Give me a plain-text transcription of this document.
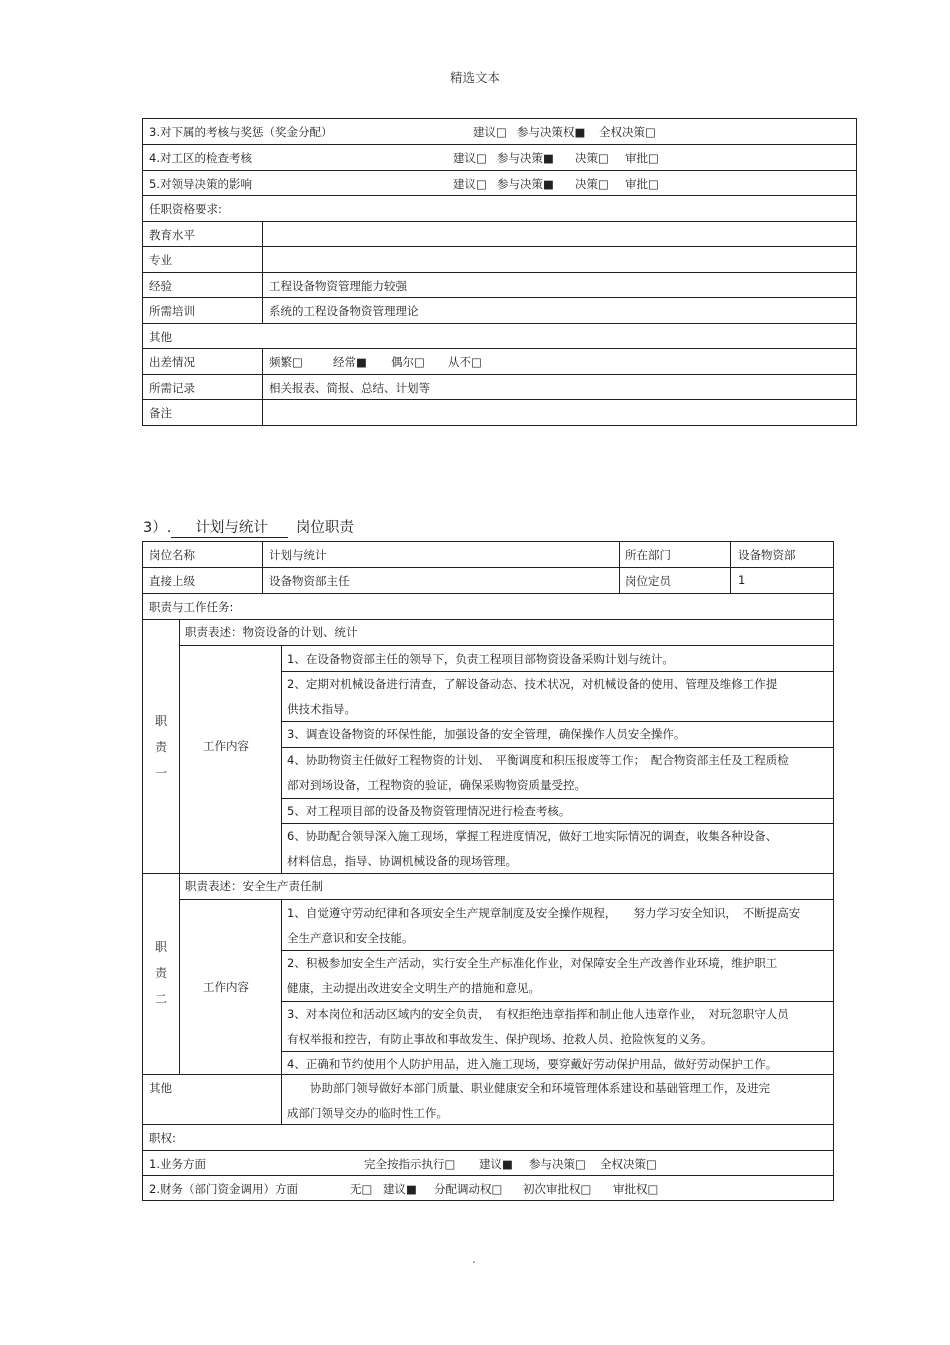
精选文本
3.对下属的考核与奖惩（奖金分配）	建议□ 参与决策权■ 全权决策□
4.对工区的检查考核	建议□ 参与决策■ 决策□ 审批□
5.对领导决策的影响	建议□ 参与决策■ 决策□ 审批□
任职资格要求:
教育水平
专业
经验	工程设备物资管理能力较强
所需培训	系统的工程设备物资管理理论
其他
出差情况	频繁□	经常■ 偶尔□ 从不□
所需记录	相关报表、简报、总结、计划等
备注
3）. 计划与统计 岗位职责
岗位名称	计划与统计	所在部门	设备物资部
直接上级	设备物资部主任	岗位定员	1
职责与工作任务:
职
责
一
职责表述：物资设备的计划、统计
工作内容
1、在设备物资部主任的领导下，负责工程项目部物资设备采购计划与统计。
2、定期对机械设备进行清查，了解设备动态、技术状况，对机械设备的使用、管理及维修工作提
供技术指导。
3、调查设备物资的环保性能，加强设备的安全管理，确保操作人员安全操作。
4、协助物资主任做好工程物资的计划、　平衡调度和积压报废等工作；　配合物资部主任及工程质检
部对到场设备，工程物资的验证，确保采购物资质量受控。
5、对工程项目部的设备及物资管理情况进行检查考核。
6、协助配合领导深入施工现场，掌握工程进度情况，做好工地实际情况的调查，收集各种设备、
材料信息，指导、协调机械设备的现场管理。
职
责
二
职责表述：安全生产责任制
工作内容
1、自觉遵守劳动纪律和各项安全生产规章制度及安全操作规程，　　努力学习安全知识，　不断提高安
全生产意识和安全技能。
2、积极参加安全生产活动，实行安全生产标准化作业，对保障安全生产改善作业环境，维护职工
健康，主动提出改进安全文明生产的措施和意见。
3、对本岗位和活动区域内的安全负责，　有权拒绝违章指挥和制止他人违章作业，　对玩忽职守人员
有权举报和控告，有防止事故和事故发生、保护现场、抢救人员、抢险恢复的义务。
4、正确和节约使用个人防护用品，进入施工现场，要穿戴好劳动保护用品，做好劳动保护工作。
其他	　　协助部门领导做好本部门质量、职业健康安全和环境管理体系建设和基础管理工作，及进完
成部门领导交办的临时性工作。
职权:
1.业务方面	完全按指示执行□ 建议■ 参与决策□ 全权决策□
2.财务（部门资金调用）方面	无□ 建议■ 分配调动权□ 初次审批权□ 审批权□
.
